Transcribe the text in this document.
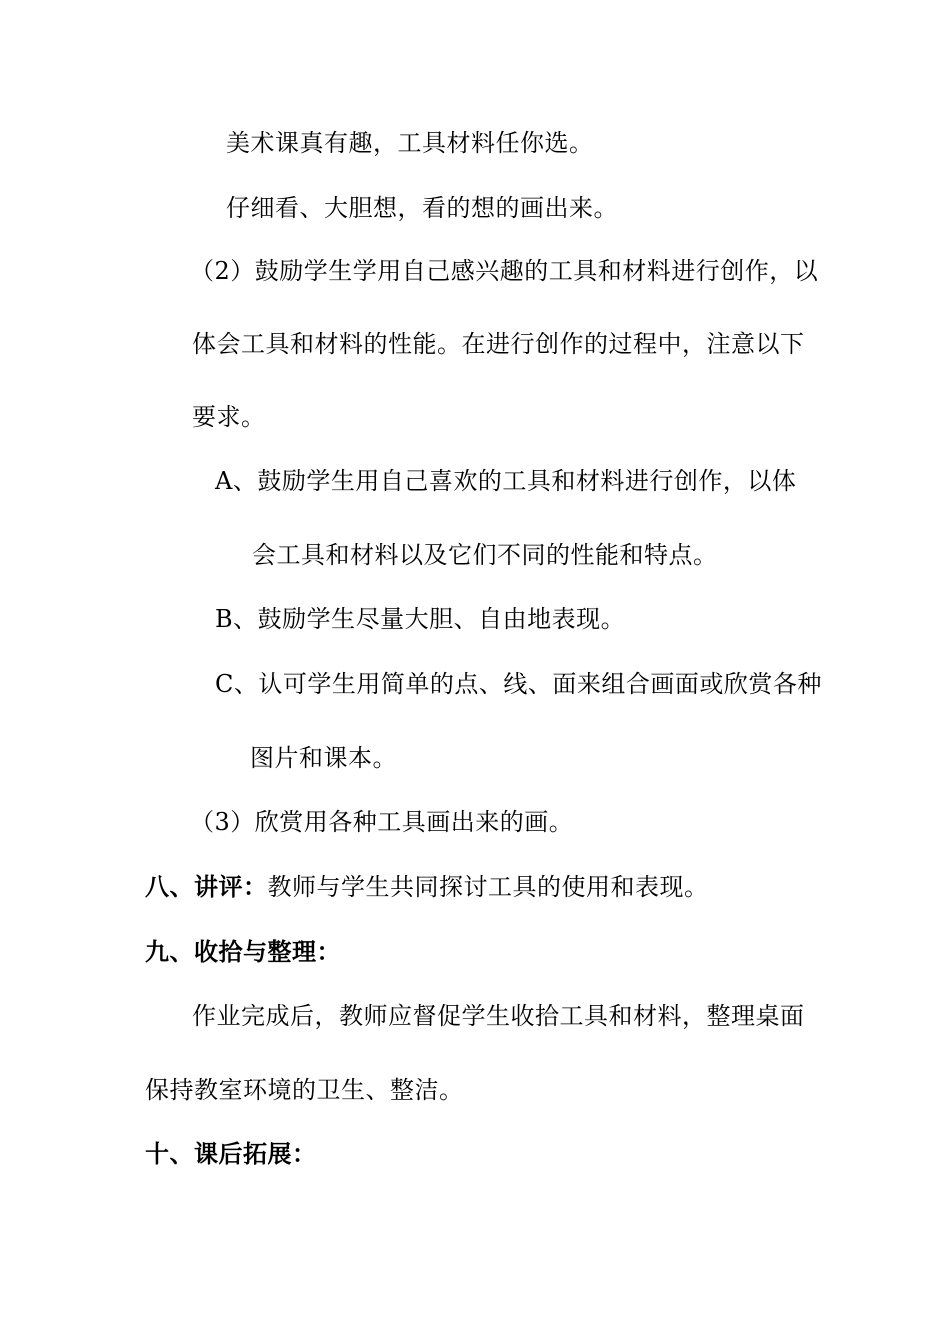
美术课真有趣，工具材料任你选。
仔细看、大胆想，看的想的画出来。
（2）鼓励学生学用自己感兴趣的工具和材料进行创作，以
体会工具和材料的性能。在进行创作的过程中，注意以下
要求。
A、鼓励学生用自己喜欢的工具和材料进行创作，以体
会工具和材料以及它们不同的性能和特点。
B、鼓励学生尽量大胆、自由地表现。
C、认可学生用简单的点、线、面来组合画面或欣赏各种
图片和课本。
（3）欣赏用各种工具画出来的画。
八、讲评：教师与学生共同探讨工具的使用和表现。
九、收拾与整理：
作业完成后，教师应督促学生收拾工具和材料，整理桌面
保持教室环境的卫生、整洁。
十、课后拓展：
